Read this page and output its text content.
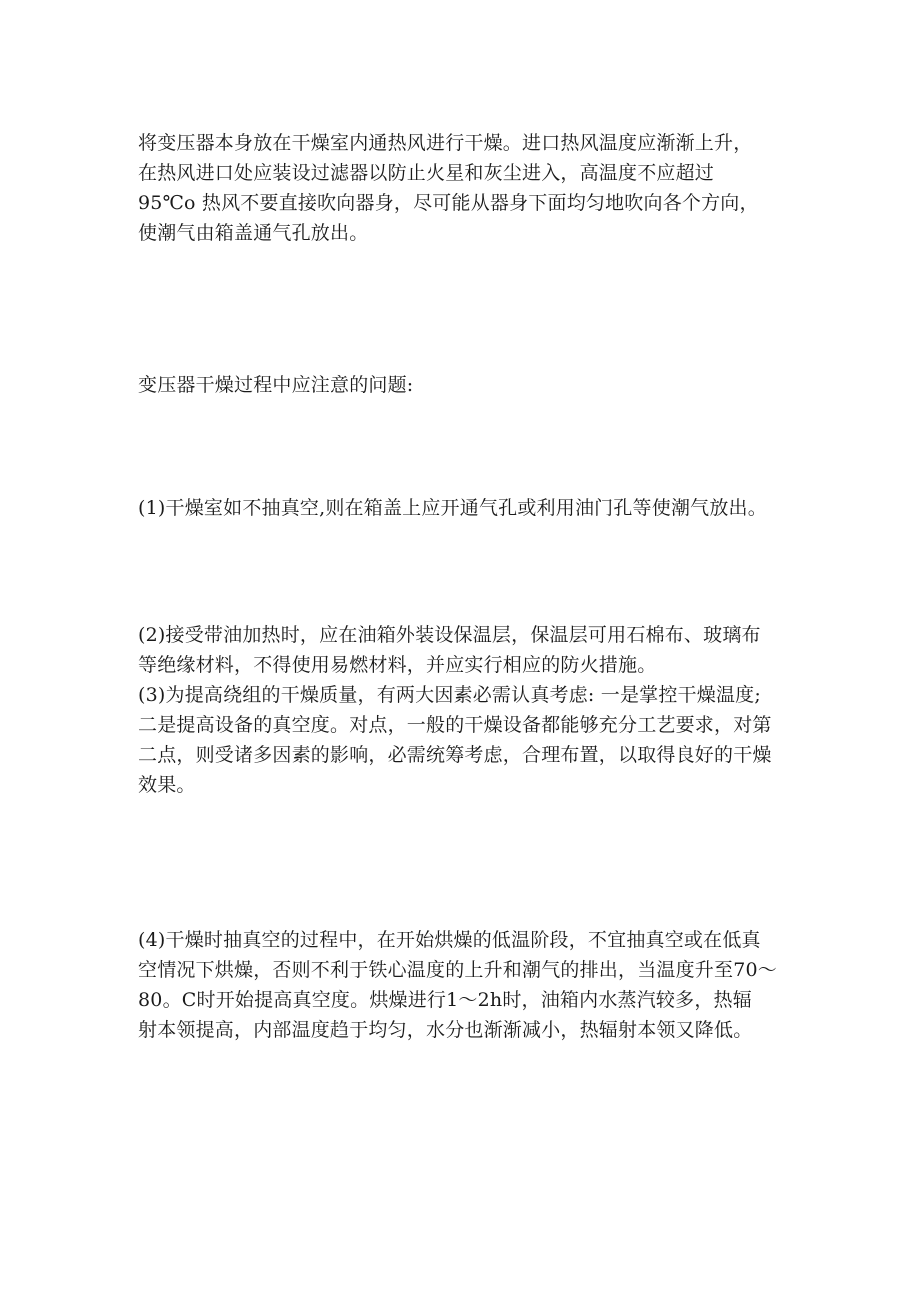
将变压器本身放在干燥室内通热风进行干燥。进口热风温度应渐渐上升，
在热风进口处应装设过滤器以防止火星和灰尘进入，高温度不应超过
95℃o 热风不要直接吹向器身，尽可能从器身下面均匀地吹向各个方向，
使潮气由箱盖通气孔放出。
变压器干燥过程中应注意的问题:
(1)干燥室如不抽真空,则在箱盖上应开通气孔或利用油门孔等使潮气放出。
(2)接受带油加热时，应在油箱外装设保温层，保温层可用石棉布、玻璃布
等绝缘材料，不得使用易燃材料，并应实行相应的防火措施。
(3)为提高绕组的干燥质量，有两大因素必需认真考虑: 一是掌控干燥温度;
二是提高设备的真空度。对点，一般的干燥设备都能够充分工艺要求，对第
二点，则受诸多因素的影响，必需统筹考虑，合理布置，以取得良好的干燥
效果。
(4)干燥时抽真空的过程中，在开始烘燥的低温阶段，不宜抽真空或在低真
空情况下烘燥，否则不利于铁心温度的上升和潮气的排出，当温度升至70～
80。C时开始提高真空度。烘燥进行1～2h时，油箱内水蒸汽较多，热辐
射本领提高，内部温度趋于均匀，水分也渐渐减小，热辐射本领又降低。
